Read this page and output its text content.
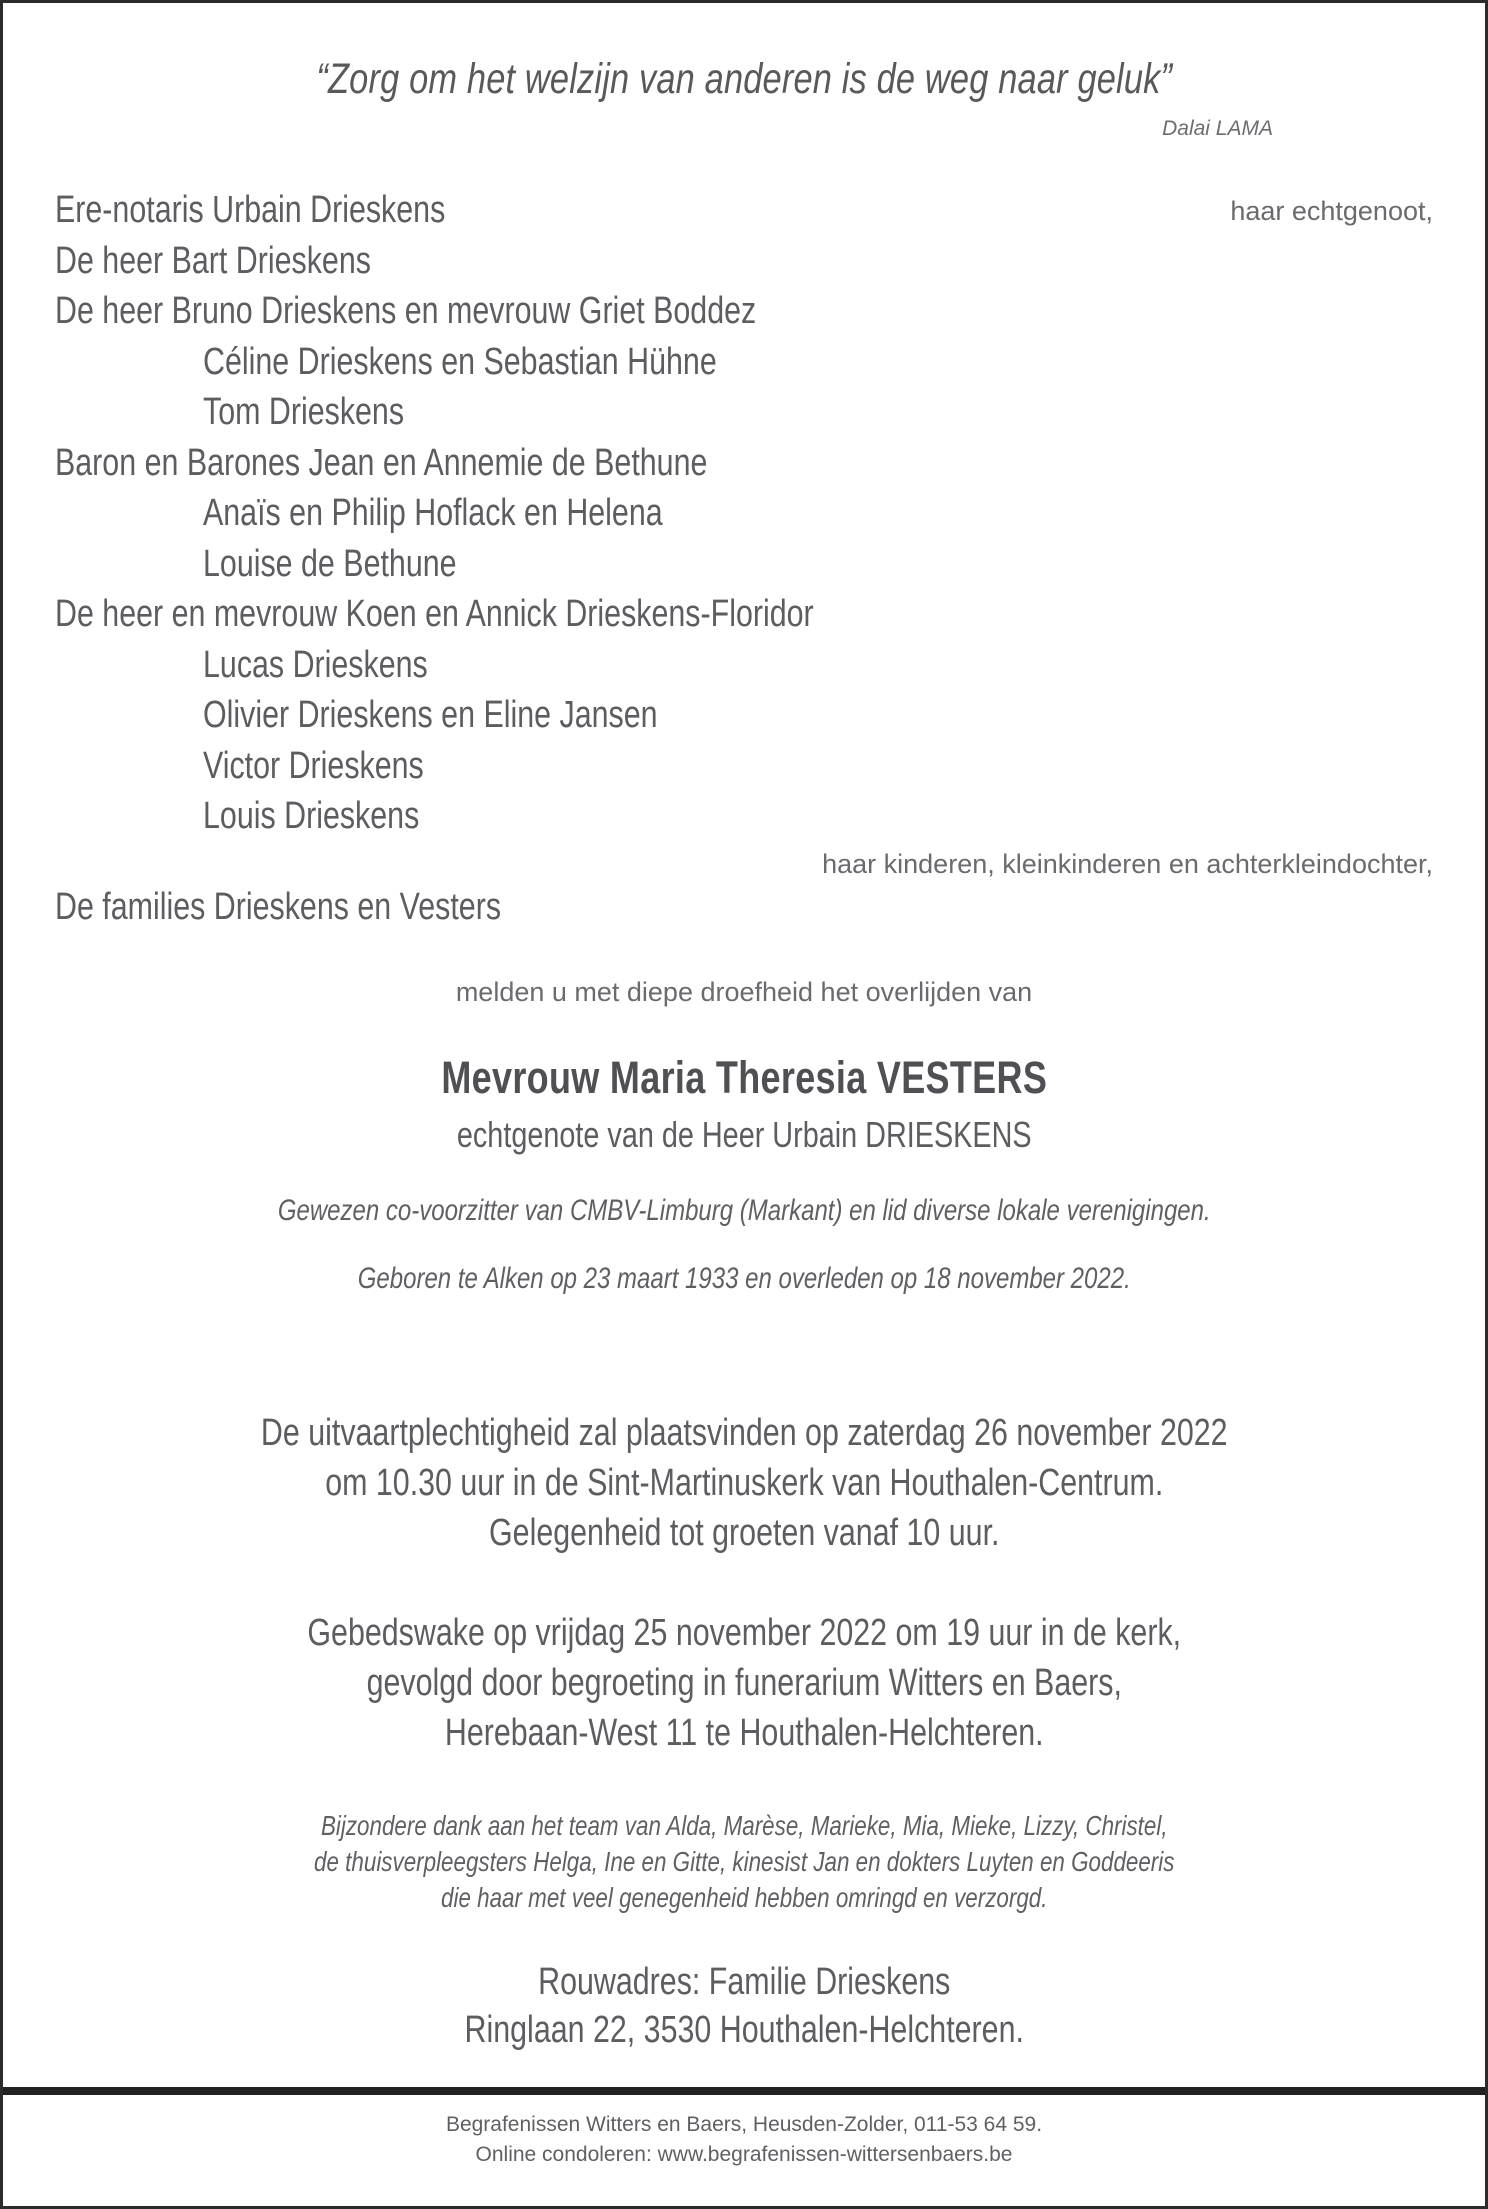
“Zorg om het welzijn van anderen is de weg naar geluk”
Dalai LAMA
Ere-notaris Urbain Drieskens	haar echtgenoot,
De heer Bart Drieskens
De heer Bruno Drieskens en mevrouw Griet Boddez
Céline Drieskens en Sebastian Hühne
Tom Drieskens
Baron en Barones Jean en Annemie de Bethune
Anaïs en Philip Hoflack en Helena
Louise de Bethune
De heer en mevrouw Koen en Annick Drieskens-Floridor
Lucas Drieskens
Olivier Drieskens en Eline Jansen
Victor Drieskens
Louis Drieskens
haar kinderen, kleinkinderen en achterkleindochter,
De families Drieskens en Vesters
melden u met diepe droefheid het overlijden van
Mevrouw Maria Theresia VESTERS
echtgenote van de Heer Urbain DRIESKENS
Gewezen co-voorzitter van CMBV-Limburg (Markant) en lid diverse lokale verenigingen.
Geboren te Alken op 23 maart 1933 en overleden op 18 november 2022.
De uitvaartplechtigheid zal plaatsvinden op zaterdag 26 november 2022
om 10.30 uur in de Sint-Martinuskerk van Houthalen-Centrum.
Gelegenheid tot groeten vanaf 10 uur.
Gebedswake op vrijdag 25 november 2022 om 19 uur in de kerk,
gevolgd door begroeting in funerarium Witters en Baers,
Herebaan-West 11 te Houthalen-Helchteren.
Bijzondere dank aan het team van Alda, Marèse, Marieke, Mia, Mieke, Lizzy, Christel,
de thuisverpleegsters Helga, Ine en Gitte, kinesist Jan en dokters Luyten en Goddeeris
die haar met veel genegenheid hebben omringd en verzorgd.
Rouwadres: Familie Drieskens
Ringlaan 22, 3530 Houthalen-Helchteren.
Begrafenissen Witters en Baers, Heusden-Zolder, 011-53 64 59.
Online condoleren: www.begrafenissen-wittersenbaers.be
